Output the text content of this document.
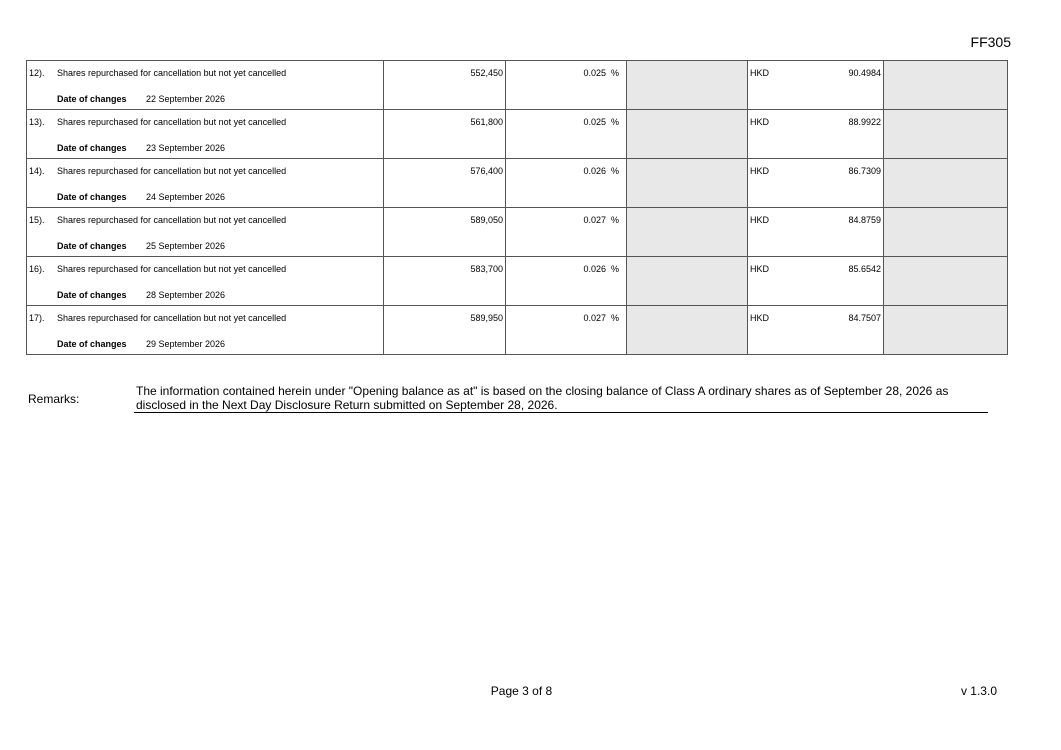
FF305
12). Shares repurchased for cancellation but not yet cancelled
Date of changes 22 September 2026	552,450	0.025 %		HKD 90.4984	

13). Shares repurchased for cancellation but not yet cancelled
Date of changes 23 September 2026	561,800	0.025 %		HKD 88.9922	

14). Shares repurchased for cancellation but not yet cancelled
Date of changes 24 September 2026	576,400	0.026 %		HKD 86.7309	

15). Shares repurchased for cancellation but not yet cancelled
Date of changes 25 September 2026	589,050	0.027 %		HKD 84.8759	

16). Shares repurchased for cancellation but not yet cancelled
Date of changes 28 September 2026	583,700	0.026 %		HKD 85.6542	

17). Shares repurchased for cancellation but not yet cancelled
Date of changes 29 September 2026	589,950	0.027 %		HKD 84.7507	

Remarks:
The information contained herein under "Opening balance as at" is based on the closing balance of Class A ordinary shares as of September 28, 2026 as disclosed in the Next Day Disclosure Return submitted on September 28, 2026.
Page 3 of 8	v 1.3.0
